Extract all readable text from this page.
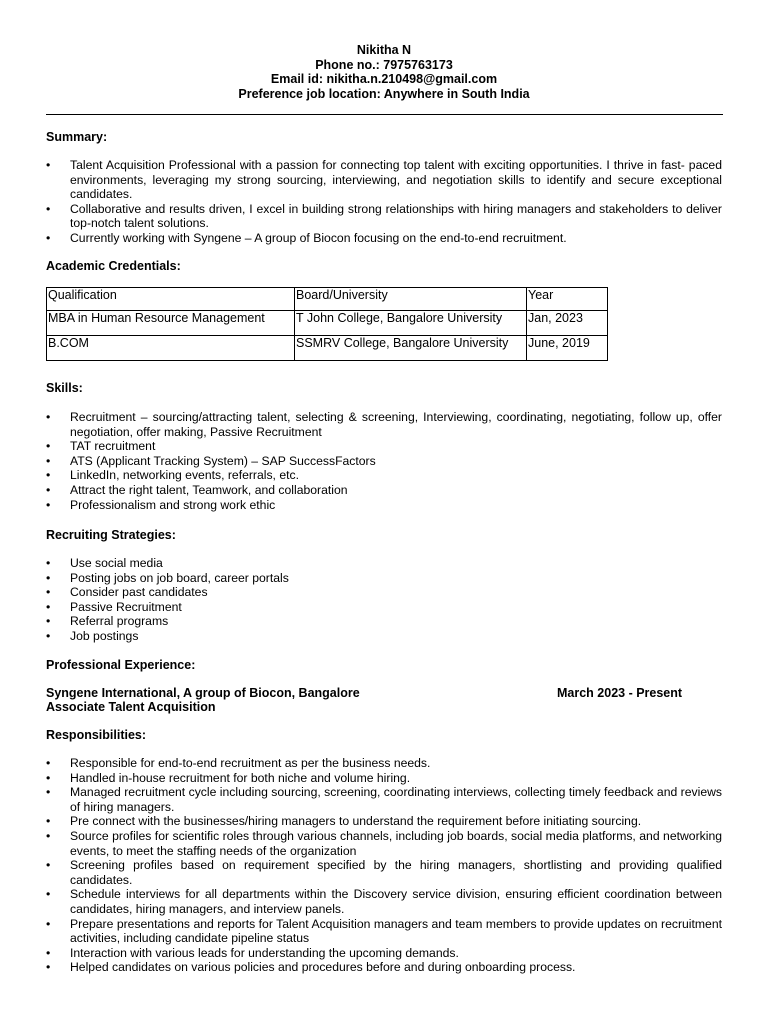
Nikitha N
Phone no.: 7975763173
Email id: nikitha.n.210498@gmail.com
Preference job location: Anywhere in South India
Summary:
• Talent Acquisition Professional with a passion for connecting top talent with exciting opportunities. I thrive in fast- paced environments, leveraging my strong sourcing, interviewing, and negotiation skills to identify and secure exceptional candidates.
• Collaborative and results driven, I excel in building strong relationships with hiring managers and stakeholders to deliver top-notch talent solutions.
• Currently working with Syngene – A group of Biocon focusing on the end-to-end recruitment.
Academic Credentials:
Qualification	Board/University	Year
MBA in Human Resource Management	T John College, Bangalore University	Jan, 2023
B.COM	SSMRV College, Bangalore University	June, 2019
Skills:
• Recruitment – sourcing/attracting talent, selecting & screening, Interviewing, coordinating, negotiating, follow up, offer negotiation, offer making, Passive Recruitment
• TAT recruitment
• ATS (Applicant Tracking System) – SAP SuccessFactors
• LinkedIn, networking events, referrals, etc.
• Attract the right talent, Teamwork, and collaboration
• Professionalism and strong work ethic
Recruiting Strategies:
• Use social media
• Posting jobs on job board, career portals
• Consider past candidates
• Passive Recruitment
• Referral programs
• Job postings
Professional Experience:
Syngene International, A group of Biocon, Bangalore	March 2023 - Present
Associate Talent Acquisition
Responsibilities:
• Responsible for end-to-end recruitment as per the business needs.
• Handled in-house recruitment for both niche and volume hiring.
• Managed recruitment cycle including sourcing, screening, coordinating interviews, collecting timely feedback and reviews of hiring managers.
• Pre connect with the businesses/hiring managers to understand the requirement before initiating sourcing.
• Source profiles for scientific roles through various channels, including job boards, social media platforms, and networking events, to meet the staffing needs of the organization
• Screening profiles based on requirement specified by the hiring managers, shortlisting and providing qualified candidates.
• Schedule interviews for all departments within the Discovery service division, ensuring efficient coordination between candidates, hiring managers, and interview panels.
• Prepare presentations and reports for Talent Acquisition managers and team members to provide updates on recruitment activities, including candidate pipeline status
• Interaction with various leads for understanding the upcoming demands.
• Helped candidates on various policies and procedures before and during onboarding process.
